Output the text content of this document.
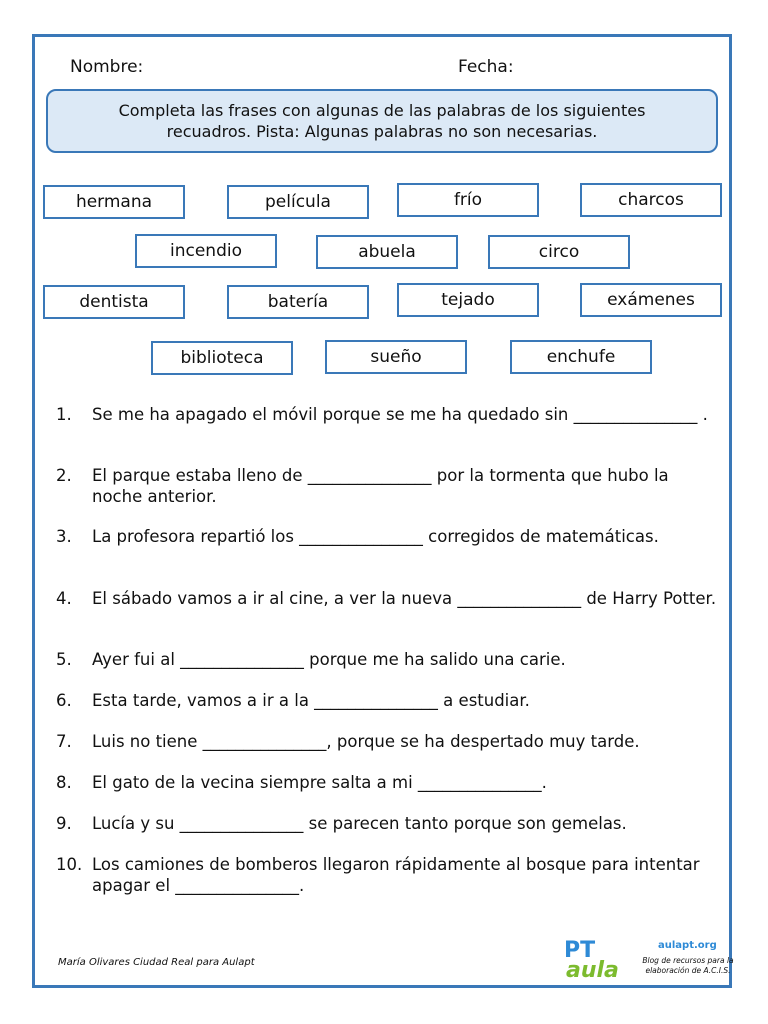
Nombre:	Fecha:
Completa las frases con algunas de las palabras de los siguientes recuadros. Pista: Algunas palabras no son necesarias.
hermana	película	frío	charcos
incendio	abuela	circo
dentista	batería	tejado	exámenes
biblioteca	sueño	enchufe
1.	Se me ha apagado el móvil porque se me ha quedado sin _______________ .
2.	El parque estaba lleno de _______________ por la tormenta que hubo la noche anterior.
3.	La profesora repartió los _______________ corregidos de matemáticas.
4.	El sábado vamos a ir al cine, a ver la nueva _______________ de Harry Potter.
5.	Ayer fui al _______________ porque me ha salido una carie.
6.	Esta tarde, vamos a ir a la _______________ a estudiar.
7.	Luis no tiene _______________, porque se ha despertado muy tarde.
8.	El gato de la vecina siempre salta a mi _______________.
9.	Lucía y su _______________ se parecen tanto porque son gemelas.
10. Los camiones de bomberos llegaron rápidamente al bosque para intentar apagar el _______________.
María Olivares Ciudad Real para Aulapt	PT
aula
aulapt.org
Blog de recursos para la elaboración de A.C.I.S.
